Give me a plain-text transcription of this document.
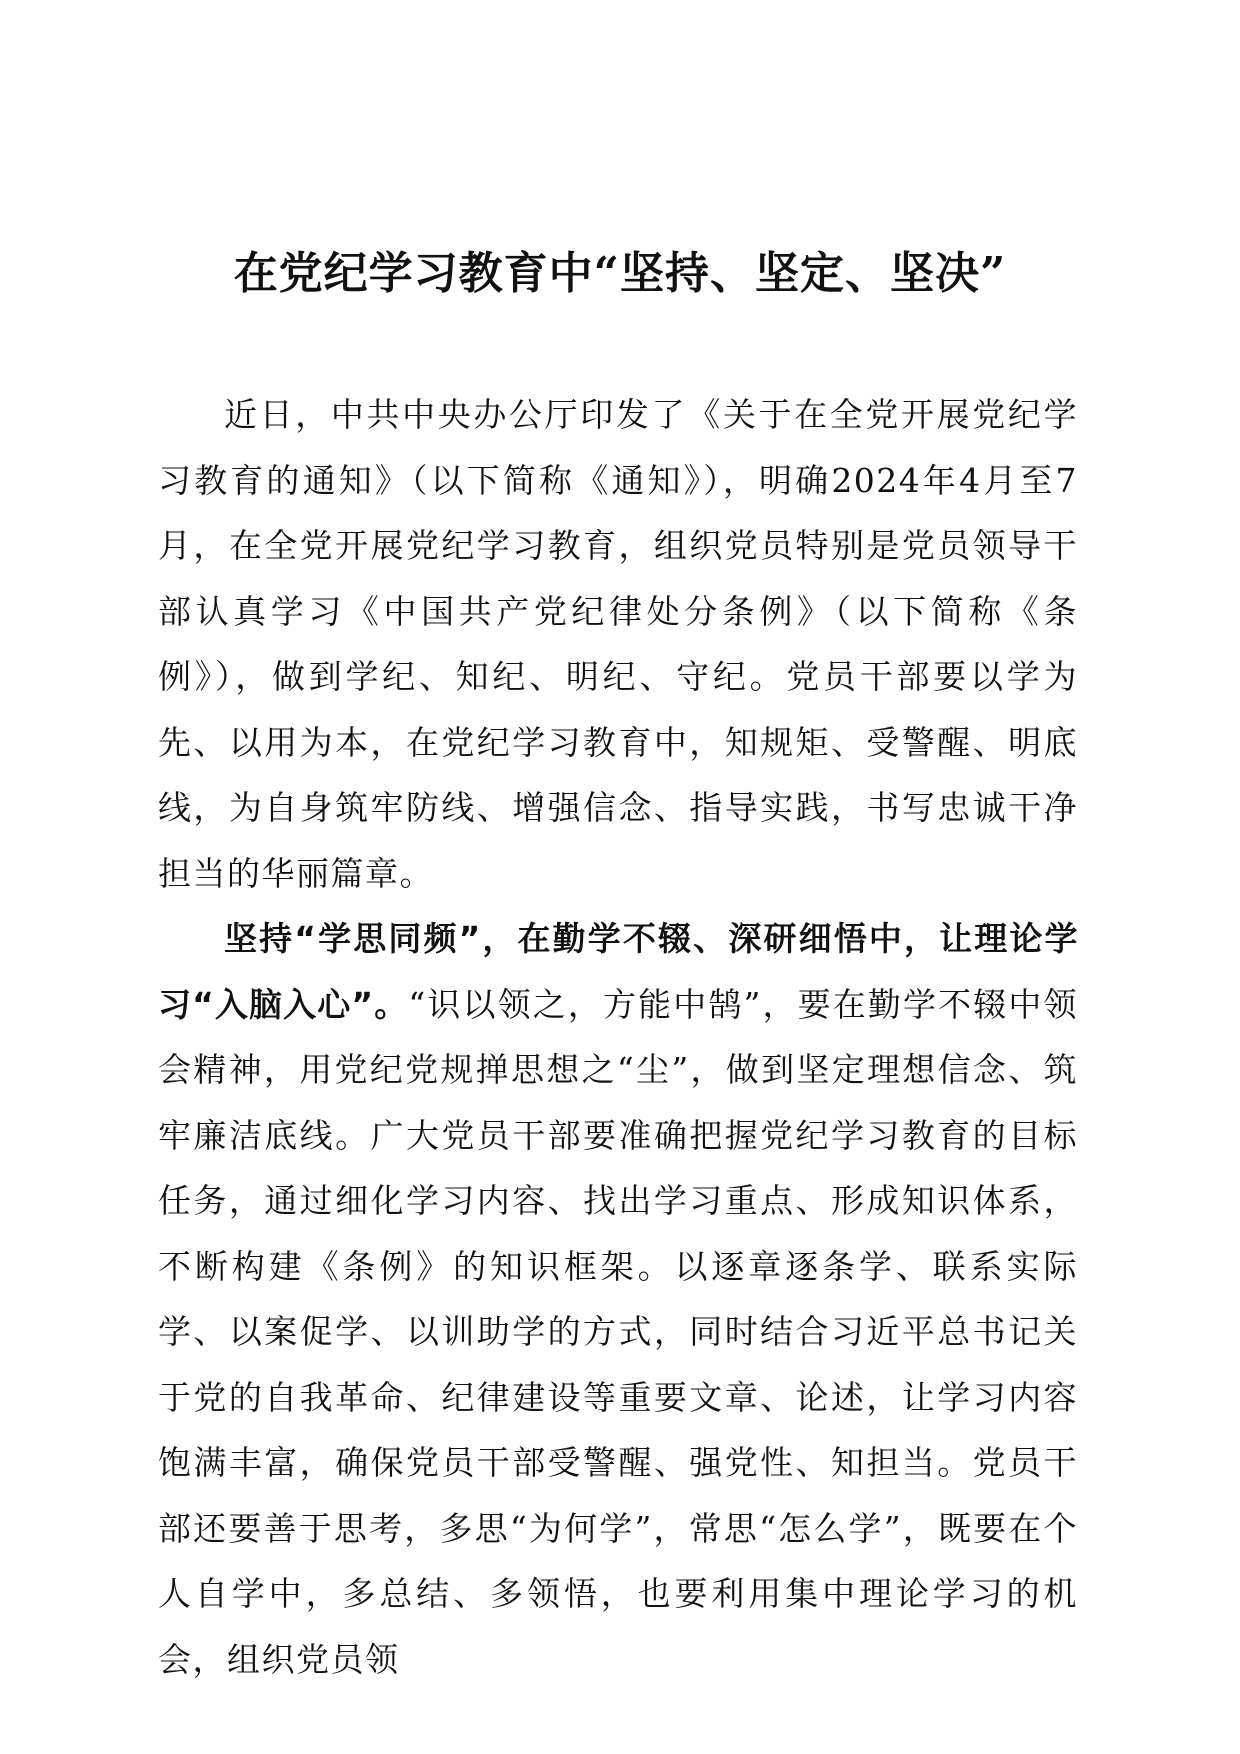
在党纪学习教育中“坚持、坚定、坚决”

近日，中共中央办公厅印发了《关于在全党开展党纪学习教育的通知》（以下简称《通知》），明确2024年4月至7月，在全党开展党纪学习教育，组织党员特别是党员领导干部认真学习《中国共产党纪律处分条例》（以下简称《条例》），做到学纪、知纪、明纪、守纪。党员干部要以学为先、以用为本，在党纪学习教育中，知规矩、受警醒、明底线，为自身筑牢防线、增强信念、指导实践，书写忠诚干净担当的华丽篇章。

坚持“学思同频”，在勤学不辍、深研细悟中，让理论学习“入脑入心”。“识以领之，方能中鹄”，要在勤学不辍中领会精神，用党纪党规掸思想之“尘”，做到坚定理想信念、筑牢廉洁底线。广大党员干部要准确把握党纪学习教育的目标任务，通过细化学习内容、找出学习重点、形成知识体系，不断构建《条例》的知识框架。以逐章逐条学、联系实际学、以案促学、以训助学的方式，同时结合习近平总书记关于党的自我革命、纪律建设等重要文章、论述，让学习内容饱满丰富，确保党员干部受警醒、强党性、知担当。党员干部还要善于思考，多思“为何学”，常思“怎么学”，既要在个人自学中，多总结、多领悟，也要利用集中理论学习的机会，组织党员领
